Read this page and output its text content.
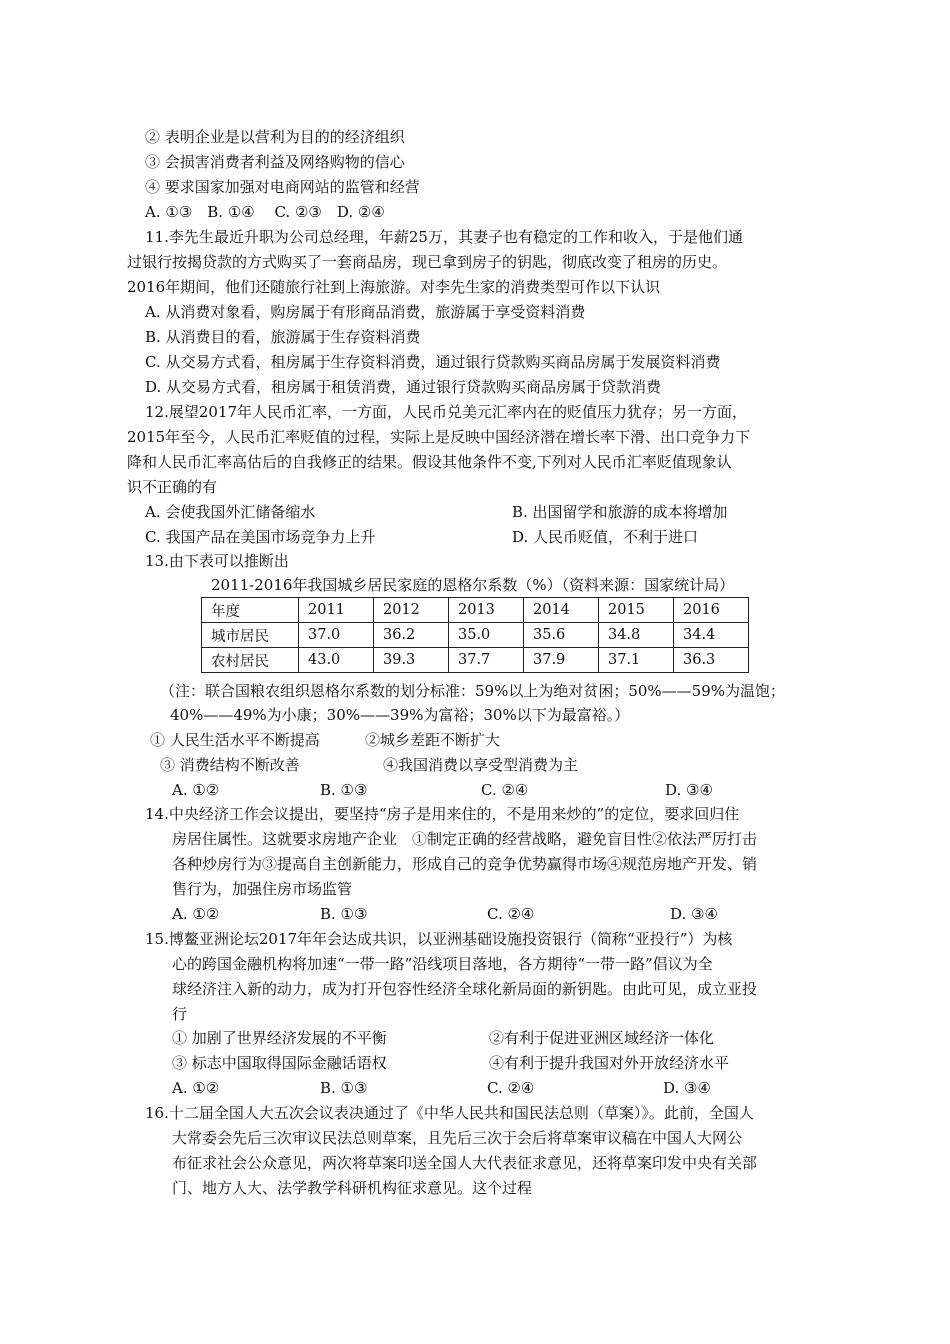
② 表明企业是以营利为目的的经济组织
③ 会损害消费者利益及网络购物的信心
④ 要求国家加强对电商网站的监管和经营
A. ①③　B. ①④　 C. ②③　D. ②④
11.李先生最近升职为公司总经理，年薪25万，其妻子也有稳定的工作和收入，于是他们通
过银行按揭贷款的方式购买了一套商品房，现已拿到房子的钥匙，彻底改变了租房的历史。
2016年期间，他们还随旅行社到上海旅游。对李先生家的消费类型可作以下认识
A. 从消费对象看，购房属于有形商品消费，旅游属于享受资料消费
B. 从消费目的看，旅游属于生存资料消费
C. 从交易方式看，租房属于生存资料消费，通过银行贷款购买商品房属于发展资料消费
D. 从交易方式看，租房属于租赁消费，通过银行贷款购买商品房属于贷款消费
12.展望2017年人民币汇率，一方面，人民币兑美元汇率内在的贬值压力犹存；另一方面，
2015年至今，人民币汇率贬值的过程，实际上是反映中国经济潜在增长率下滑、出口竞争力下
降和人民币汇率高估后的自我修正的结果。假设其他条件不变,下列对人民币汇率贬值现象认
识不正确的有
A. 会使我国外汇储备缩水	B. 出国留学和旅游的成本将增加
C. 我国产品在美国市场竞争力上升	D. 人民币贬值，不利于进口
13.由下表可以推断出
2011-2016年我国城乡居民家庭的恩格尔系数（%）（资料来源：国家统计局）
年度	2011	2012	2013	2014	2015	2016
城市居民	37.0	36.2	35.0	35.6	34.8	34.4
农村居民	43.0	39.3	37.7	37.9	37.1	36.3
（注：联合国粮农组织恩格尔系数的划分标准：59%以上为绝对贫困；50%——59%为温饱；
40%——49%为小康；30%——39%为富裕；30%以下为最富裕。）
① 人民生活水平不断提高	②城乡差距不断扩大
③ 消费结构不断改善	④我国消费以享受型消费为主
A. ①②	B. ①③	C. ②④	D. ③④
14.中央经济工作会议提出，要坚持“房子是用来住的，不是用来炒的”的定位，要求回归住
房居住属性。这就要求房地产企业　①制定正确的经营战略，避免盲目性②依法严厉打击
各种炒房行为③提高自主创新能力，形成自己的竞争优势赢得市场④规范房地产开发、销
售行为，加强住房市场监管
A. ①②	B. ①③	C. ②④	D. ③④
15.博鳌亚洲论坛2017年年会达成共识，以亚洲基础设施投资银行（简称“亚投行”）为核
心的跨国金融机构将加速“一带一路”沿线项目落地，各方期待“一带一路”倡议为全
球经济注入新的动力，成为打开包容性经济全球化新局面的新钥匙。由此可见，成立亚投
行
① 加剧了世界经济发展的不平衡	②有利于促进亚洲区域经济一体化
③ 标志中国取得国际金融话语权	④有利于提升我国对外开放经济水平
A. ①②	B. ①③	C. ②④	D. ③④
16.十二届全国人大五次会议表决通过了《中华人民共和国民法总则（草案）》。此前，全国人
大常委会先后三次审议民法总则草案，且先后三次于会后将草案审议稿在中国人大网公
布征求社会公众意见，两次将草案印送全国人大代表征求意见，还将草案印发中央有关部
门、地方人大、法学教学科研机构征求意见。这个过程
